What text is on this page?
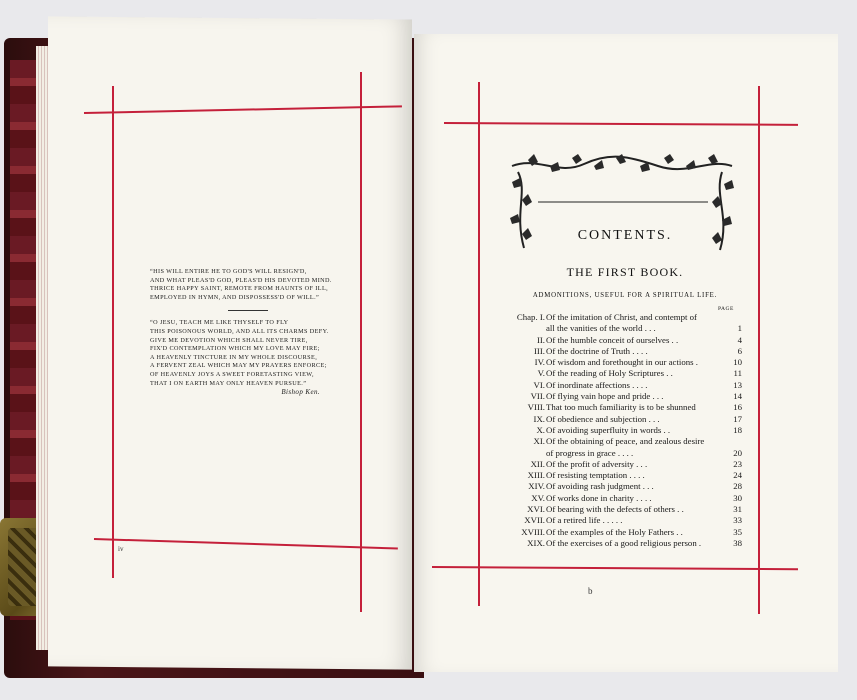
“HIS WILL ENTIRE HE TO GOD'S WILL RESIGN'D,
AND WHAT PLEAS'D GOD, PLEAS'D HIS DEVOTED MIND.
THRICE HAPPY SAINT, REMOTE FROM HAUNTS OF ILL,
EMPLOYED IN HYMN, AND DISPOSSESS'D OF WILL.”
“O JESU, TEACH ME LIKE THYSELF TO FLY
THIS POISONOUS WORLD, AND ALL ITS CHARMS DEFY.
GIVE ME DEVOTION WHICH SHALL NEVER TIRE,
FIX'D CONTEMPLATION WHICH MY LOVE MAY FIRE;
A HEAVENLY TINCTURE IN MY WHOLE DISCOURSE,
A FERVENT ZEAL WHICH MAY MY PRAYERS ENFORCE;
OF HEAVENLY JOYS A SWEET FORETASTING VIEW,
THAT I ON EARTH MAY ONLY HEAVEN PURSUE.”
Bishop Ken.
iv
CONTENTS.
THE FIRST BOOK.
ADMONITIONS, USEFUL FOR A SPIRITUAL LIFE.
PAGE
Chap. I. Of the imitation of Christ, and contempt of
all the vanities of the world . . .	1
II. Of the humble conceit of ourselves . .	4
III. Of the doctrine of Truth . . . .	6
IV. Of wisdom and forethought in our actions .	10
V. Of the reading of Holy Scriptures . .	11
VI. Of inordinate affections . . . .	13
VII. Of flying vain hope and pride . . .	14
VIII. That too much familiarity is to be shunned	16
IX. Of obedience and subjection . . .	17
X. Of avoiding superfluity in words . .	18
XI. Of the obtaining of peace, and zealous desire
of progress in grace . . . .	20
XII. Of the profit of adversity . . .	23
XIII. Of resisting temptation . . . .	24
XIV. Of avoiding rash judgment . . .	28
XV. Of works done in charity . . . .	30
XVI. Of bearing with the defects of others . .	31
XVII. Of a retired life . . . . .	33
XVIII. Of the examples of the Holy Fathers . .	35
XIX. Of the exercises of a good religious person .	38
b
